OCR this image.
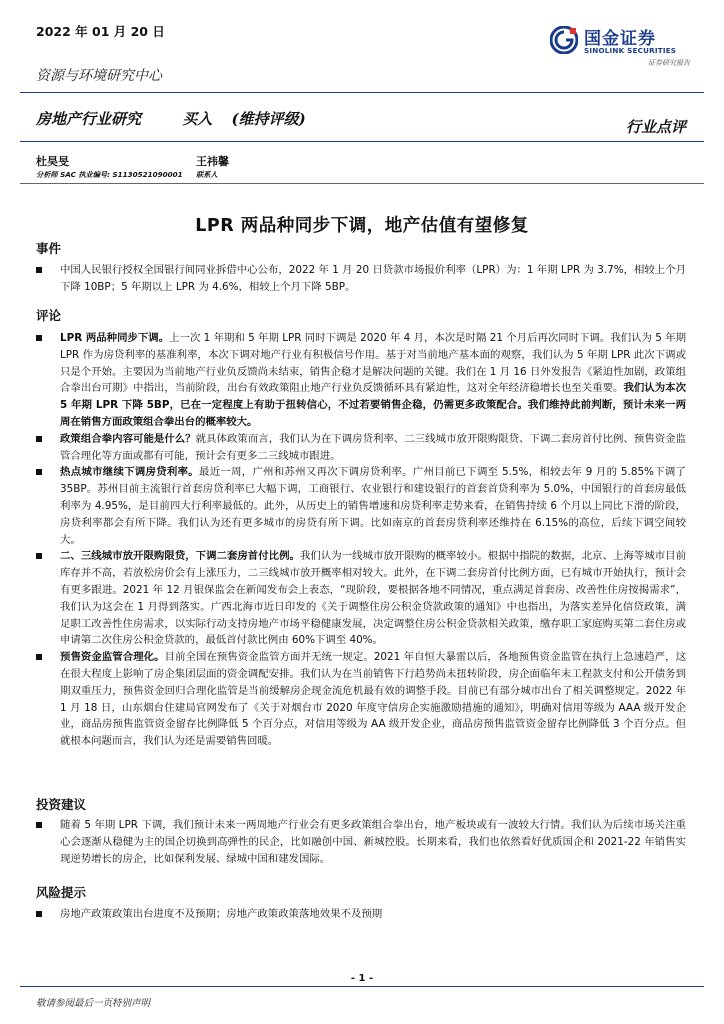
2022 年 01 月 20 日
资源与环境研究中心
国金证券
SINOLINK SECURITIES
证券研究报告
房地产行业研究	买入 (维持评级)	行业点评
杜昊旻
分析师 SAC 执业编号: S1130521090001
王祎馨
联系人
LPR 两品种同步下调，地产估值有望修复
事件
中国人民银行授权全国银行间同业拆借中心公布，2022 年 1 月 20 日贷款市场报价利率（LPR）为：1 年期 LPR 为 3.7%，相较上个月下降 10BP；5 年期以上 LPR 为 4.6%，相较上个月下降 5BP。
评论
LPR 两品种同步下调。上一次 1 年期和 5 年期 LPR 同时下调是 2020 年 4 月，本次是时隔 21 个月后再次同时下调。我们认为 5 年期 LPR 作为房贷利率的基准利率，本次下调对地产行业有积极信号作用。基于对当前地产基本面的观察，我们认为 5 年期 LPR 此次下调或只是个开始。主要因为当前地产行业负反馈尚未结束，销售企稳才是解决问题的关键。我们在 1 月 16 日外发报告《紧迫性加剧，政策组合拳出台可期》中指出，当前阶段，出台有效政策阻止地产行业负反馈循环具有紧迫性，这对全年经济稳增长也至关重要。我们认为本次 5 年期 LPR 下降 5BP，已在一定程度上有助于扭转信心，不过若要销售企稳，仍需更多政策配合。我们维持此前判断，预计未来一两周在销售方面政策组合拳出台的概率较大。
政策组合拳内容可能是什么？就具体政策而言，我们认为在下调房贷利率、二三线城市放开限购限贷、下调二套房首付比例、预售资金监管合理化等方面或都有可能，预计会有更多二三线城市跟进。
热点城市继续下调房贷利率。最近一周，广州和苏州又再次下调房贷利率。广州目前已下调至 5.5%，相较去年 9 月的 5.85%下调了 35BP。苏州目前主流银行首套房贷利率已大幅下调，工商银行、农业银行和建设银行的首套首贷利率为 5.0%，中国银行的首套房最低利率为 4.95%，是目前四大行利率最低的。此外，从历史上的销售增速和房贷利率走势来看，在销售持续 6 个月以上同比下滑的阶段，房贷利率都会有所下降。我们认为还有更多城市的房贷有所下调。比如南京的首套房贷利率还维持在 6.15%的高位，后续下调空间较大。
二、三线城市放开限购限贷，下调二套房首付比例。我们认为一线城市放开限购的概率较小。根据中指院的数据，北京、上海等城市目前库存并不高，若放松房价会有上涨压力，二三线城市放开概率相对较大。此外，在下调二套房首付比例方面，已有城市开始执行，预计会有更多跟进。2021 年 12 月银保监会在新闻发布会上表态，“现阶段，要根据各地不同情况，重点满足首套房、改善性住房按揭需求”，我们认为这会在 1 月得到落实。广西北海市近日印发的《关于调整住房公积金贷款政策的通知》中也指出，为落实差异化信贷政策，满足职工改善性住房需求，以实际行动支持房地产市场平稳健康发展，决定调整住房公积金贷款相关政策，缴存职工家庭购买第二套住房或申请第二次住房公积金贷款的，最低首付款比例由 60%下调至 40%。
预售资金监管合理化。目前全国在预售资金监管方面并无统一规定。2021 年自恒大暴雷以后，各地预售资金监管在执行上急速趋严，这在很大程度上影响了房企集团层面的资金调配安排。我们认为在当前销售下行趋势尚未扭转阶段，房企面临年末工程款支付和公开债务到期双重压力，预售资金回归合理化监管是当前缓解房企现金流危机最有效的调整手段。目前已有部分城市出台了相关调整规定。2022 年 1 月 18 日，山东烟台住建局官网发布了《关于对烟台市 2020 年度守信房企实施激励措施的通知》，明确对信用等级为 AAA 级开发企业，商品房预售监管资金留存比例降低 5 个百分点，对信用等级为 AA 级开发企业，商品房预售监管资金留存比例降低 3 个百分点。但就根本问题而言，我们认为还是需要销售回暖。
投资建议
随着 5 年期 LPR 下调，我们预计未来一两周地产行业会有更多政策组合拳出台，地产板块或有一波较大行情。我们认为后续市场关注重心会逐渐从稳健为主的国企切换到高弹性的民企，比如融创中国、新城控股。长期来看，我们也依然看好优质国企和 2021-22 年销售实现逆势增长的房企，比如保利发展、绿城中国和建发国际。
风险提示
房地产政策政策出台进度不及预期；房地产政策政策落地效果不及预期
- 1 -
敬请参阅最后一页特别声明
